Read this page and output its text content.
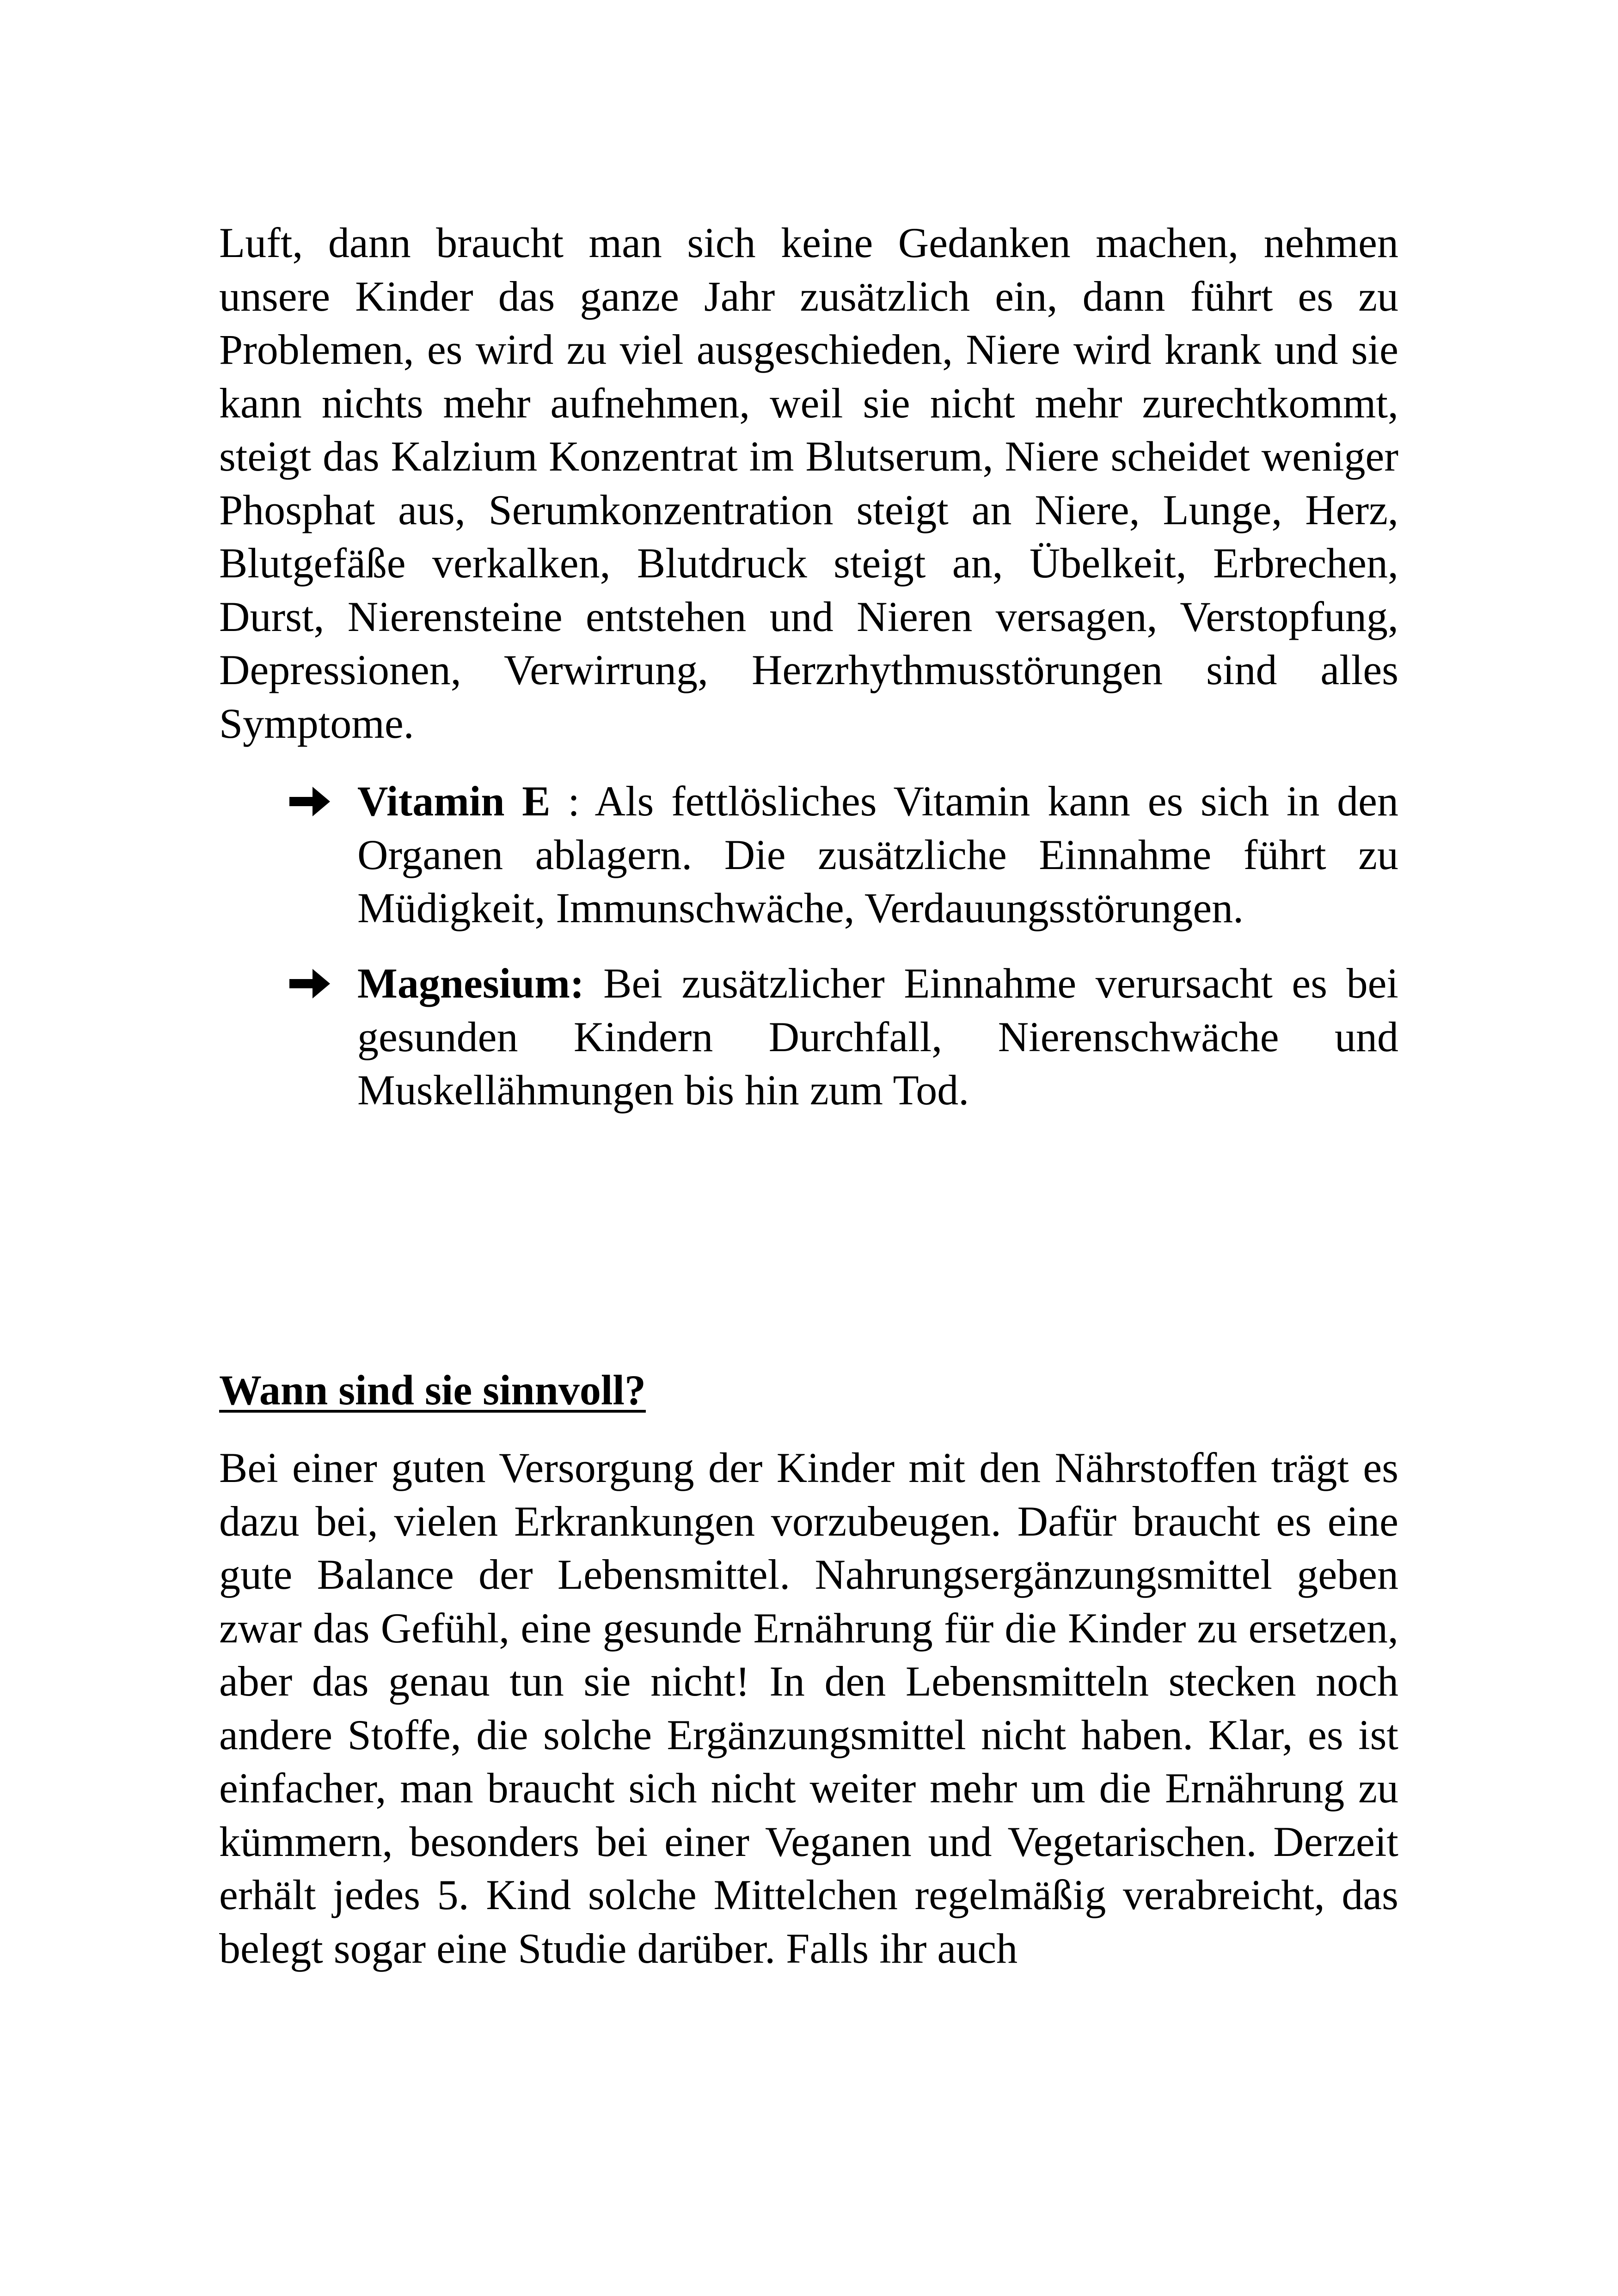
Luft, dann braucht man sich keine Gedanken machen, nehmen unsere Kinder das ganze Jahr zusätzlich ein, dann führt es zu Problemen, es wird zu viel ausgeschieden, Niere wird krank und sie kann nichts mehr aufnehmen, weil sie nicht mehr zurechtkommt, steigt das Kalzium Konzentrat im Blutserum, Niere scheidet weniger Phosphat aus, Serumkonzentration steigt an Niere, Lunge, Herz, Blutgefäße verkalken, Blutdruck steigt an, Übelkeit, Erbrechen, Durst, Nierensteine entstehen und Nieren versagen, Verstopfung, Depressionen, Verwirrung, Herzrhythmusstörungen sind alles Symptome.

Vitamin E : Als fettlösliches Vitamin kann es sich in den Organen ablagern. Die zusätzliche Einnahme führt zu Müdigkeit, Immunschwäche, Verdauungsstörungen.

Magnesium: Bei zusätzlicher Einnahme verursacht es bei gesunden Kindern Durchfall, Nierenschwäche und Muskellähmungen bis hin zum Tod.

Wann sind sie sinnvoll?

Bei einer guten Versorgung der Kinder mit den Nährstoffen trägt es dazu bei, vielen Erkrankungen vorzubeugen. Dafür braucht es eine gute Balance der Lebensmittel. Nahrungsergänzungsmittel geben zwar das Gefühl, eine gesunde Ernährung für die Kinder zu ersetzen, aber das genau tun sie nicht! In den Lebensmitteln stecken noch andere Stoffe, die solche Ergänzungsmittel nicht haben. Klar, es ist einfacher, man braucht sich nicht weiter mehr um die Ernährung zu kümmern, besonders bei einer Veganen und Vegetarischen. Derzeit erhält jedes 5. Kind solche Mittelchen regelmäßig verabreicht, das belegt sogar eine Studie darüber. Falls ihr auch
